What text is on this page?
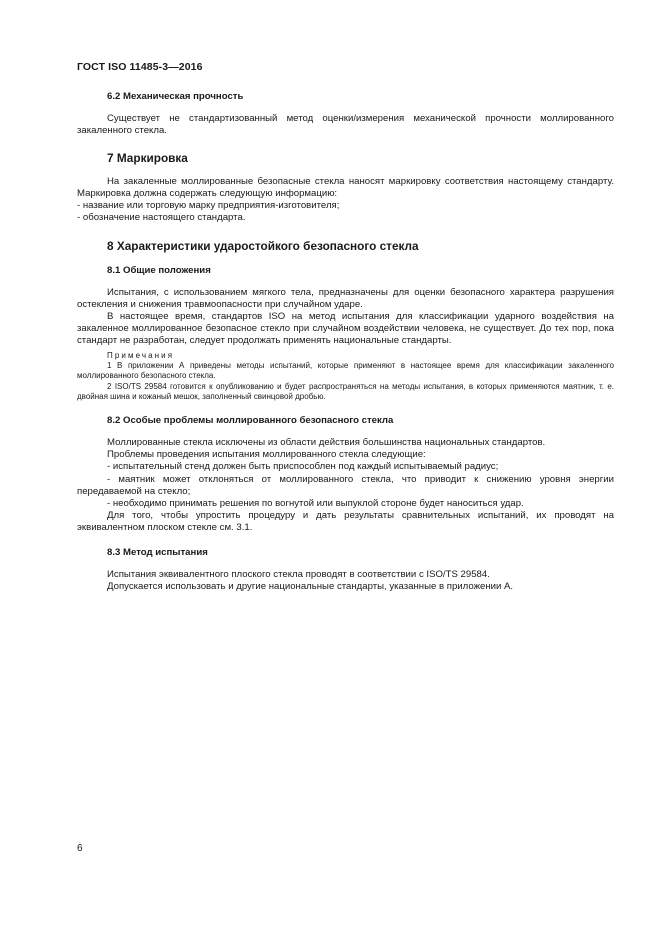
ГОСТ ISO 11485-3—2016
6.2 Механическая прочность

Существует не стандартизованный метод оценки/измерения механической прочности моллированного закаленного стекла.

7 Маркировка

На закаленные моллированные безопасные стекла наносят маркировку соответствия настоящему стандарту. Маркировка должна содержать следующую информацию:

- название или торговую марку предприятия-изготовителя;

- обозначение настоящего стандарта.

8 Характеристики ударостойкого безопасного стекла
8.1 Общие положения

Испытания, с использованием мягкого тела, предназначены для оценки безопасного характера разрушения остекления и снижения травмоопасности при случайном ударе.

В настоящее время, стандартов ISO на метод испытания для классификации ударного воздействия на закаленное моллированное безопасное стекло при случайном воздействии человека, не существует. До тех пор, пока стандарт не разработан, следует продолжать применять национальные стандарты.

Примечания

1 В приложении А приведены методы испытаний, которые применяют в настоящее время для классификации закаленного моллированного безопасного стекла.

2 ISO/TS 29584 готовится к опубликованию и будет распространяться на методы испытания, в которых применяются маятник, т. е. двойная шина и кожаный мешок, заполненный свинцовой дробью.

8.2 Особые проблемы моллированного безопасного стекла

Моллированные стекла исключены из области действия большинства национальных стандартов.

Проблемы проведения испытания моллированного стекла следующие:

- испытательный стенд должен быть приспособлен под каждый испытываемый радиус;

- маятник может отклоняться от моллированного стекла, что приводит к снижению уровня энергии передаваемой на стекло;

- необходимо принимать решения по вогнутой или выпуклой стороне будет наноситься удар.

Для того, чтобы упростить процедуру и дать результаты сравнительных испытаний, их проводят на эквивалентном плоском стекле см. 3.1.

8.3 Метод испытания

Испытания эквивалентного плоского стекла проводят в соответствии с ISO/TS 29584.

Допускается использовать и другие национальные стандарты, указанные в приложении А.

6
